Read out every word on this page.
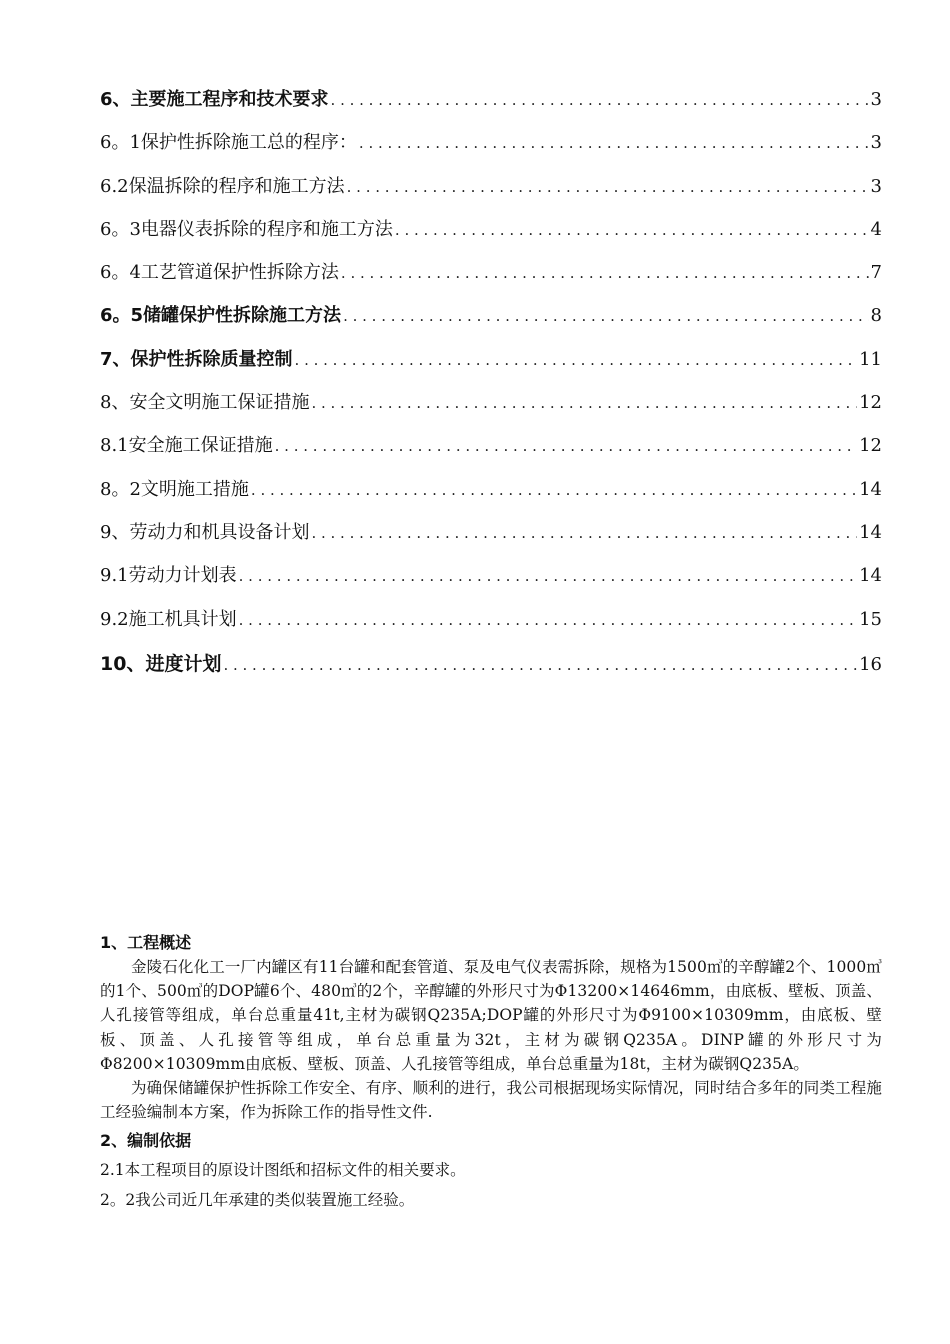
6、主要施工程序和技术要求 . . .	3
6。1保护性拆除施工总的程序： . . .	3
6.2保温拆除的程序和施工方法 . . .	3
6。3电器仪表拆除的程序和施工方法 . . .	4
6。4工艺管道保护性拆除方法 . . .	7
6。5储罐保护性拆除施工方法 . . .	8
7、保护性拆除质量控制 . . .	11
8、安全文明施工保证措施 . . .	12
8.1安全施工保证措施 . . .	12
8。2文明施工措施 . . .	14
9、劳动力和机具设备计划 . . .	14
9.1劳动力计划表 . . .	14
9.2施工机具计划 . . .	15
10、进度计划 . . .	16

1、工程概述

金陵石化化工一厂内罐区有11台罐和配套管道、泵及电气仪表需拆除，规格为1500㎥的辛醇罐2个、1000㎥的1个、500㎥的DOP罐6个、480㎥的2个，辛醇罐的外形尺寸为Φ13200×14646mm，由底板、壁板、顶盖、人孔接管等组成，单台总重量41t,主材为碳钢Q235A;DOP罐的外形尺寸为Φ9100×10309mm，由底板、壁板、顶盖、人孔接管等组成，单台总重量为32t，主材为碳钢Q235A。DINP罐的外形尺寸为Φ8200×10309mm由底板、壁板、顶盖、人孔接管等组成，单台总重量为18t，主材为碳钢Q235A。

为确保储罐保护性拆除工作安全、有序、顺利的进行，我公司根据现场实际情况，同时结合多年的同类工程施工经验编制本方案，作为拆除工作的指导性文件.

2、编制依据

2.1本工程项目的原设计图纸和招标文件的相关要求。

2。2我公司近几年承建的类似装置施工经验。
